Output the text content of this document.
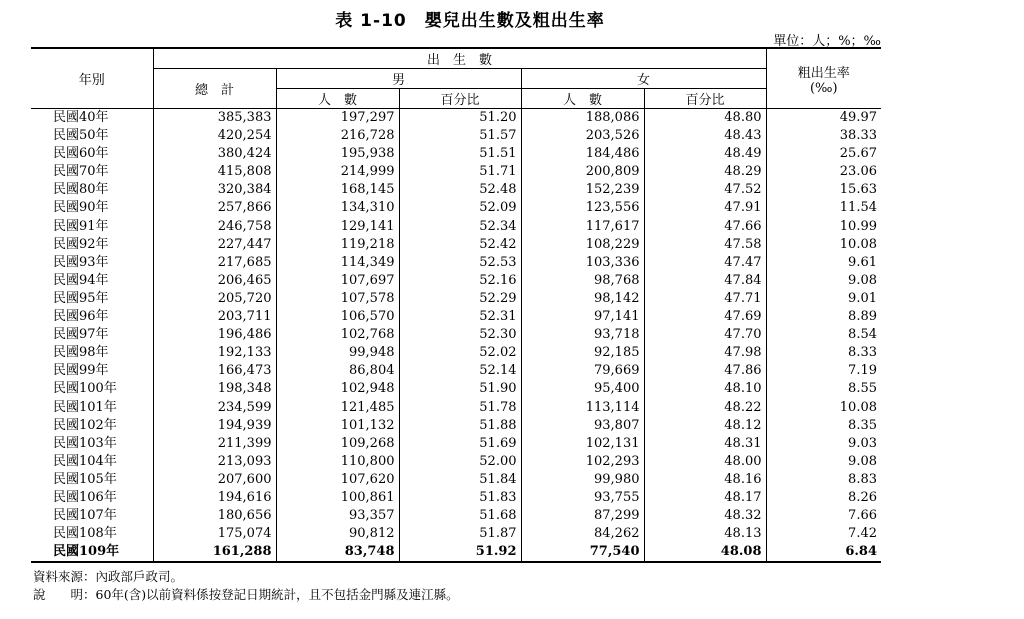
表 1-10　嬰兒出生數及粗出生率
單位：人；%；‰
年別	出　生　數					粗出生率
(‰)
	總　計	男		女		
		人　數	百分比	人　數	百分比	
民國40年	385,383	197,297	51.20	188,086	48.80	49.97
民國50年	420,254	216,728	51.57	203,526	48.43	38.33
民國60年	380,424	195,938	51.51	184,486	48.49	25.67
民國70年	415,808	214,999	51.71	200,809	48.29	23.06
民國80年	320,384	168,145	52.48	152,239	47.52	15.63
民國90年	257,866	134,310	52.09	123,556	47.91	11.54
民國91年	246,758	129,141	52.34	117,617	47.66	10.99
民國92年	227,447	119,218	52.42	108,229	47.58	10.08
民國93年	217,685	114,349	52.53	103,336	47.47	9.61
民國94年	206,465	107,697	52.16	98,768	47.84	9.08
民國95年	205,720	107,578	52.29	98,142	47.71	9.01
民國96年	203,711	106,570	52.31	97,141	47.69	8.89
民國97年	196,486	102,768	52.30	93,718	47.70	8.54
民國98年	192,133	99,948	52.02	92,185	47.98	8.33
民國99年	166,473	86,804	52.14	79,669	47.86	7.19
民國100年	198,348	102,948	51.90	95,400	48.10	8.55
民國101年	234,599	121,485	51.78	113,114	48.22	10.08
民國102年	194,939	101,132	51.88	93,807	48.12	8.35
民國103年	211,399	109,268	51.69	102,131	48.31	9.03
民國104年	213,093	110,800	52.00	102,293	48.00	9.08
民國105年	207,600	107,620	51.84	99,980	48.16	8.83
民國106年	194,616	100,861	51.83	93,755	48.17	8.26
民國107年	180,656	93,357	51.68	87,299	48.32	7.66
民國108年	175,074	90,812	51.87	84,262	48.13	7.42
民國109年	161,288	83,748	51.92	77,540	48.08	6.84
資料來源：內政部戶政司。
說　　明：60年(含)以前資料係按登記日期統計，且不包括金門縣及連江縣。
